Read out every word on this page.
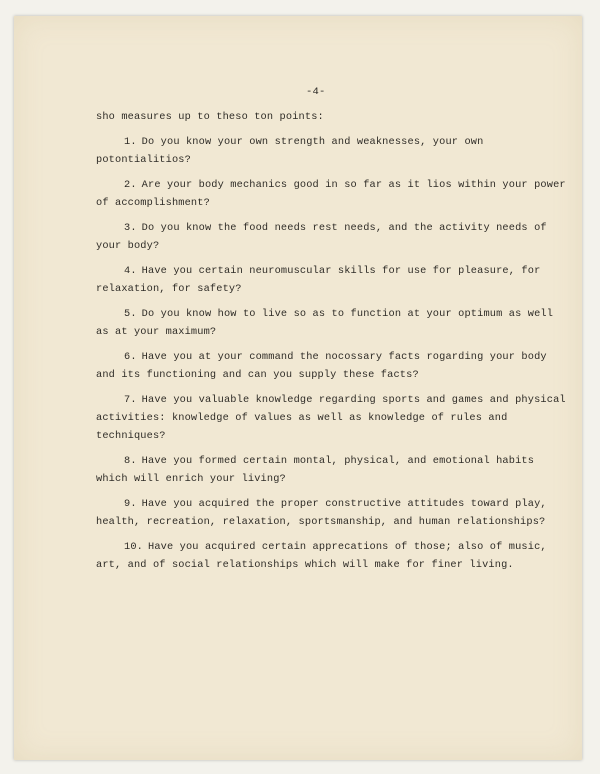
-4-

sho measures up to theso ton points:

1. Do you know your own strength and weaknesses, your own potontialitios?

2. Are your body mechanics good in so far as it lios within your power of accomplishment?

3. Do you know the food needs rest needs, and the activity needs of your body?

4. Have you certain neuromuscular skills for use for pleasure, for relaxation, for safety?

5. Do you know how to live so as to function at your optimum as well as at your maximum?

6. Have you at your command the nocossary facts rogarding your body and its functioning and can you supply these facts?

7. Have you valuable knowledge regarding sports and games and physical activities: knowledge of values as well as knowledge of rules and techniques?

8. Have you formed certain montal, physical, and emotional habits which will enrich your living?

9. Have you acquired the proper constructive attitudes toward play, health, recreation, relaxation, sportsmanship, and human relationships?

10. Have you acquired certain apprecations of those; also of music, art, and of social relationships which will make for finer living.
